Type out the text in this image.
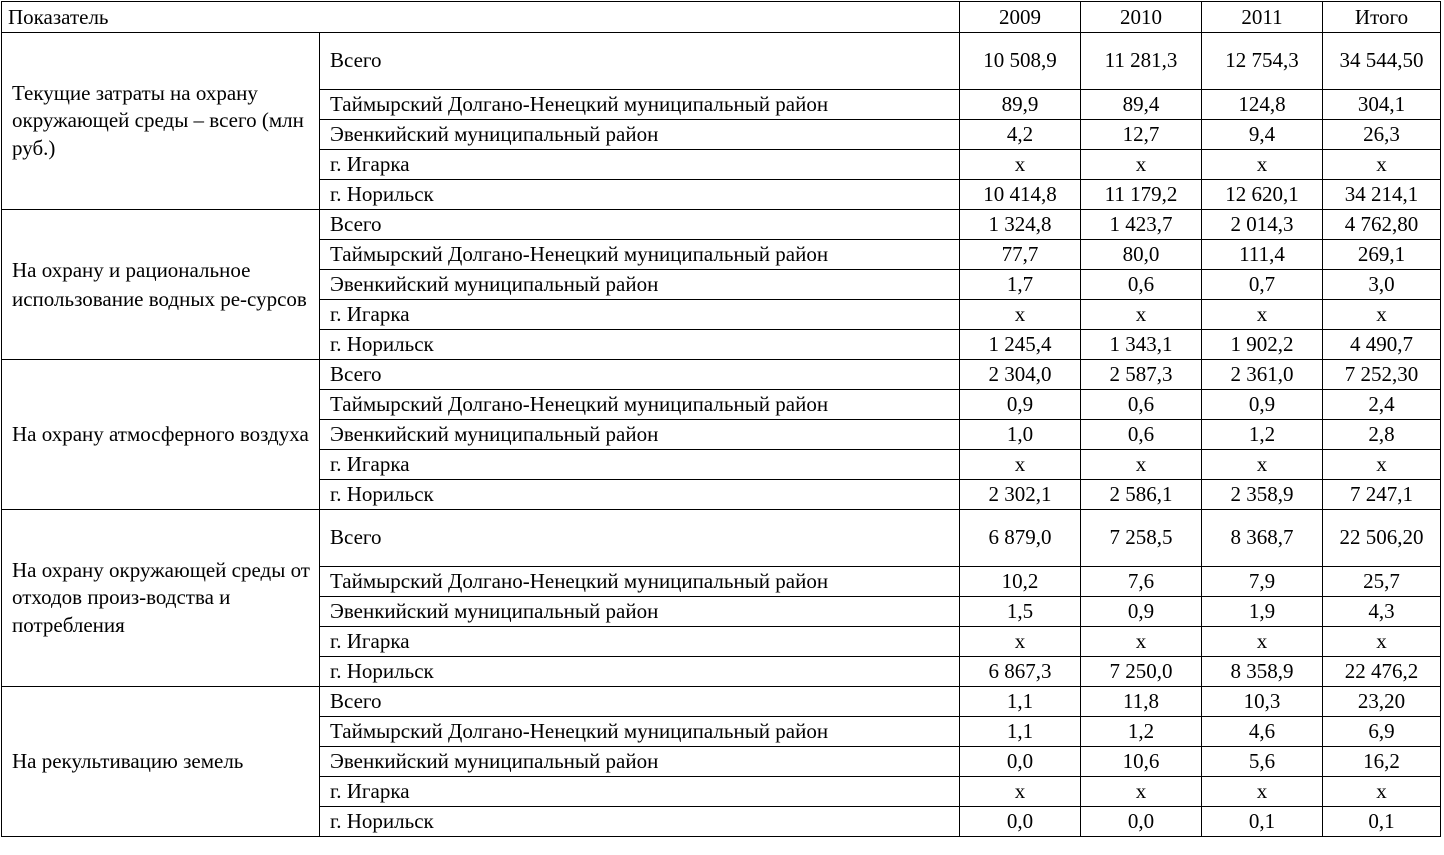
Показатель		2009	2010	2011	Итого
Текущие затраты на охрану окружающей среды – всего (млн руб.)	Всего	10 508,9	11 281,3	12 754,3	34 544,50
	Таймырский Долгано-Ненецкий муниципальный район	89,9	89,4	124,8	304,1
	Эвенкийский муниципальный район	4,2	12,7	9,4	26,3
	г. Игарка	x	x	x	x
	г. Норильск	10 414,8	11 179,2	12 620,1	34 214,1
На охрану и рациональное использование водных ре-сурсов	Всего	1 324,8	1 423,7	2 014,3	4 762,80
	Таймырский Долгано-Ненецкий муниципальный район	77,7	80,0	111,4	269,1
	Эвенкийский муниципальный район	1,7	0,6	0,7	3,0
	г. Игарка	x	x	x	x
	г. Норильск	1 245,4	1 343,1	1 902,2	4 490,7
На охрану атмосферного воздуха	Всего	2 304,0	2 587,3	2 361,0	7 252,30
	Таймырский Долгано-Ненецкий муниципальный район	0,9	0,6	0,9	2,4
	Эвенкийский муниципальный район	1,0	0,6	1,2	2,8
	г. Игарка	x	x	x	x
	г. Норильск	2 302,1	2 586,1	2 358,9	7 247,1
На охрану окружающей среды от отходов произ-водства и потребления	Всего	6 879,0	7 258,5	8 368,7	22 506,20
	Таймырский Долгано-Ненецкий муниципальный район	10,2	7,6	7,9	25,7
	Эвенкийский муниципальный район	1,5	0,9	1,9	4,3
	г. Игарка	x	x	x	x
	г. Норильск	6 867,3	7 250,0	8 358,9	22 476,2
На рекультивацию земель	Всего	1,1	11,8	10,3	23,20
	Таймырский Долгано-Ненецкий муниципальный район	1,1	1,2	4,6	6,9
	Эвенкийский муниципальный район	0,0	10,6	5,6	16,2
	г. Игарка	x	x	x	x
	г. Норильск	0,0	0,0	0,1	0,1
